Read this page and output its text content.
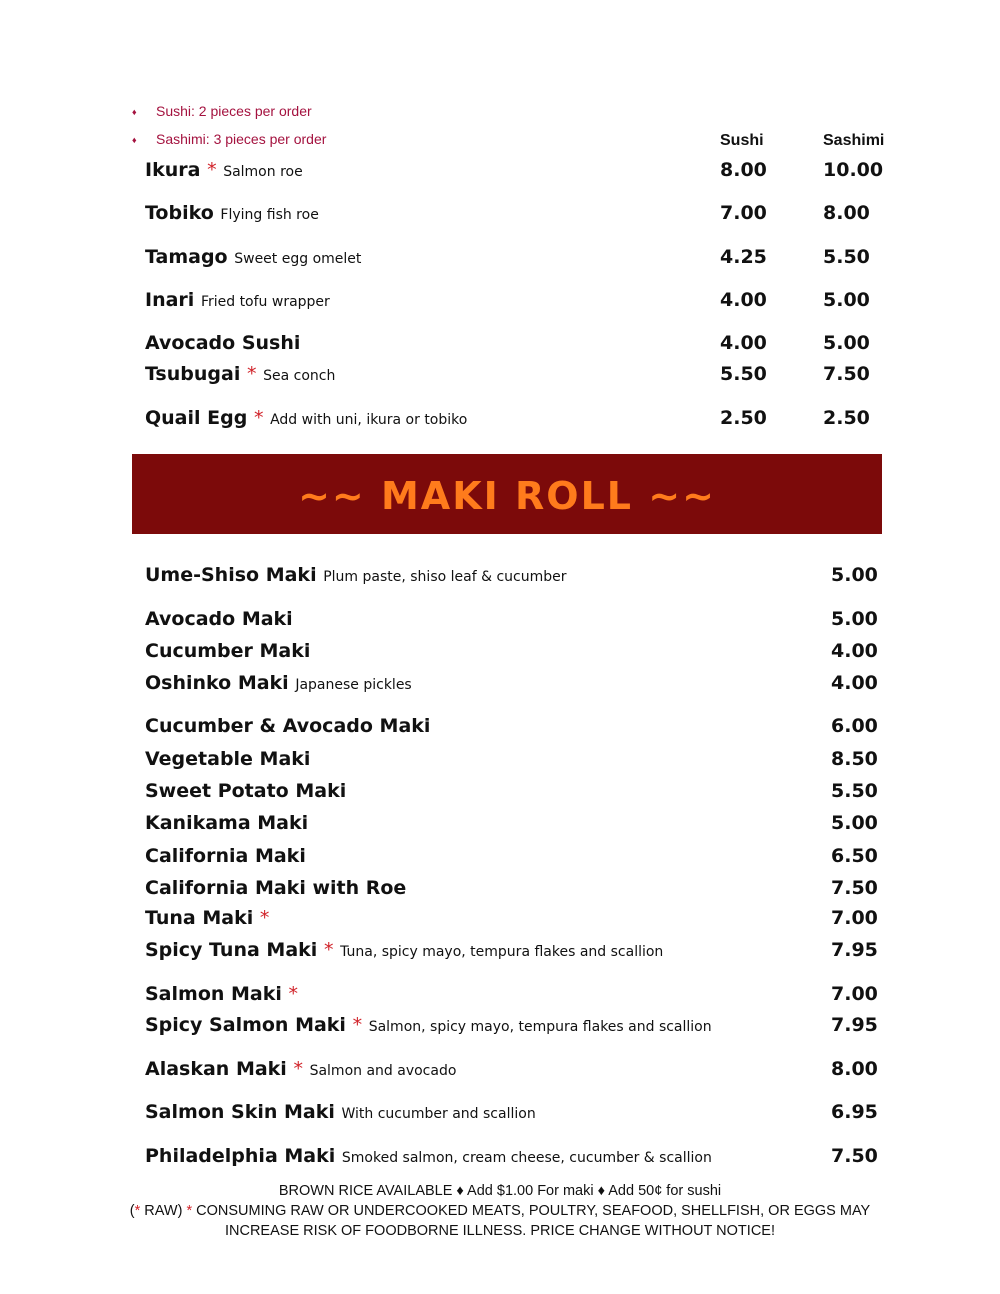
♦ Sushi: 2 pieces per order
♦ Sashimi: 3 pieces per order	Sushi	Sashimi
Ikura * Salmon roe	8.00	10.00
Tobiko Flying fish roe	7.00	8.00
Tamago Sweet egg omelet	4.25	5.50
Inari Fried tofu wrapper	4.00	5.00
Avocado Sushi	4.00	5.00
Tsubugai * Sea conch	5.50	7.50
Quail Egg * Add with uni, ikura or tobiko	2.50	2.50
~~ MAKI ROLL ~~
Ume-Shiso Maki Plum paste, shiso leaf & cucumber	5.00
Avocado Maki	5.00
Cucumber Maki	4.00
Oshinko Maki Japanese pickles	4.00
Cucumber & Avocado Maki	6.00
Vegetable Maki	8.50
Sweet Potato Maki	5.50
Kanikama Maki	5.00
California Maki	6.50
California Maki with Roe	7.50
Tuna Maki *	7.00
Spicy Tuna Maki * Tuna, spicy mayo, tempura flakes and scallion	7.95
Salmon Maki *	7.00
Spicy Salmon Maki * Salmon, spicy mayo, tempura flakes and scallion	7.95
Alaskan Maki * Salmon and avocado	8.00
Salmon Skin Maki With cucumber and scallion	6.95
Philadelphia Maki Smoked salmon, cream cheese, cucumber & scallion	7.50
BROWN RICE AVAILABLE ♦ Add $1.00 For maki ♦ Add 50¢ for sushi
(* RAW) * CONSUMING RAW OR UNDERCOOKED MEATS, POULTRY, SEAFOOD, SHELLFISH, OR EGGS MAY
INCREASE RISK OF FOODBORNE ILLNESS. PRICE CHANGE WITHOUT NOTICE!
